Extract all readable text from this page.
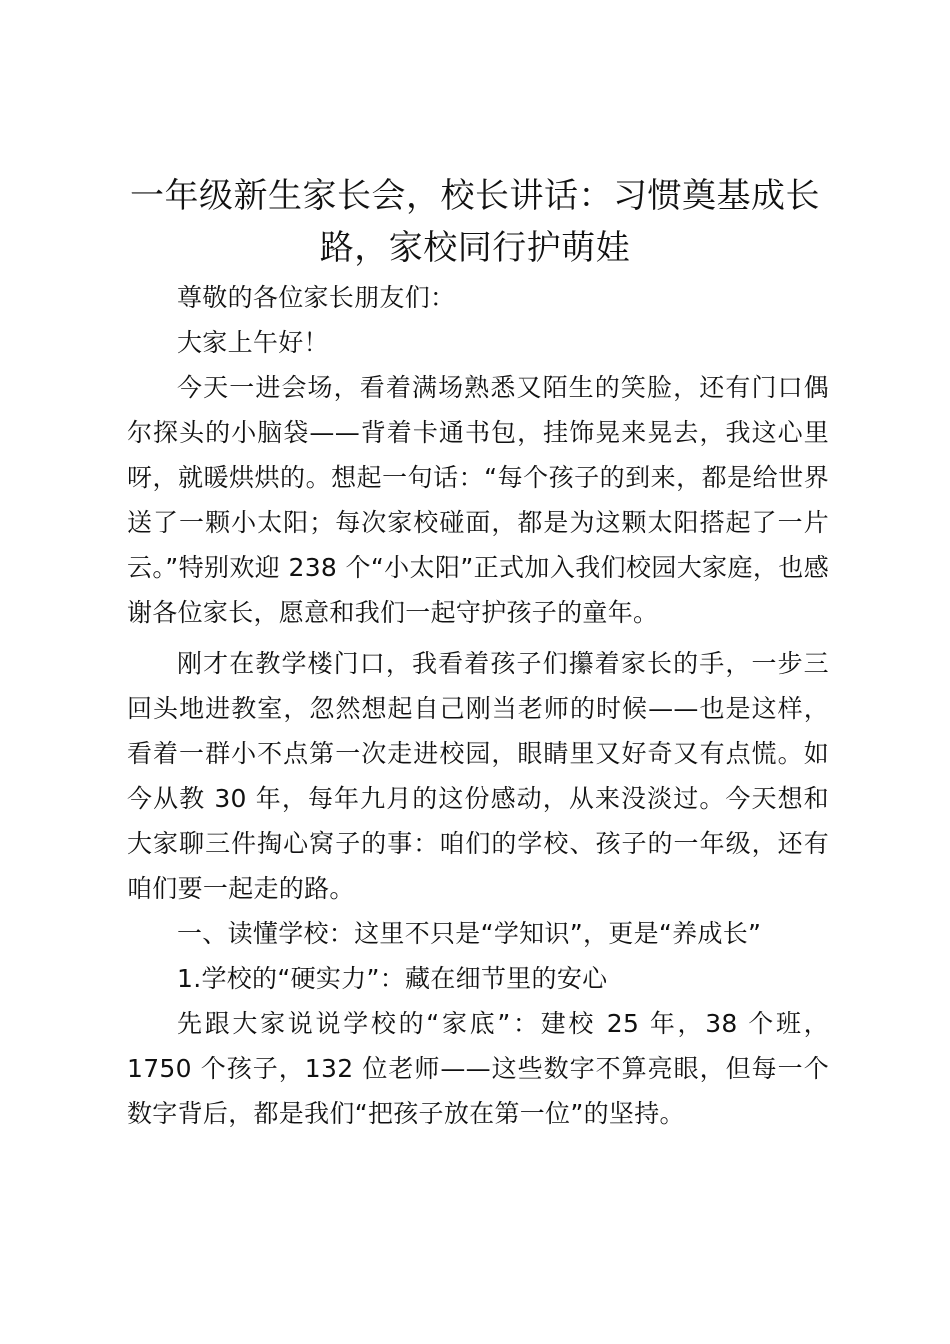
一年级新生家长会，校长讲话：习惯奠基成长路，家校同行护萌娃

尊敬的各位家长朋友们：

大家上午好！

今天一进会场，看着满场熟悉又陌生的笑脸，还有门口偶尔探头的小脑袋——背着卡通书包，挂饰晃来晃去，我这心里呀，就暖烘烘的。想起一句话：“每个孩子的到来，都是给世界送了一颗小太阳；每次家校碰面，都是为这颗太阳搭起了一片云。”特别欢迎 238 个“小太阳”正式加入我们校园大家庭，也感谢各位家长，愿意和我们一起守护孩子的童年。

刚才在教学楼门口，我看着孩子们攥着家长的手，一步三回头地进教室，忽然想起自己刚当老师的时候——也是这样，看着一群小不点第一次走进校园，眼睛里又好奇又有点慌。如今从教 30 年，每年九月的这份感动，从来没淡过。今天想和大家聊三件掏心窝子的事：咱们的学校、孩子的一年级，还有咱们要一起走的路。

一、读懂学校：这里不只是“学知识”，更是“养成长”

1.学校的“硬实力”：藏在细节里的安心

先跟大家说说学校的“家底”：建校 25 年，38 个班，1750 个孩子，132 位老师——这些数字不算亮眼，但每一个数字背后，都是我们“把孩子放在第一位”的坚持。
